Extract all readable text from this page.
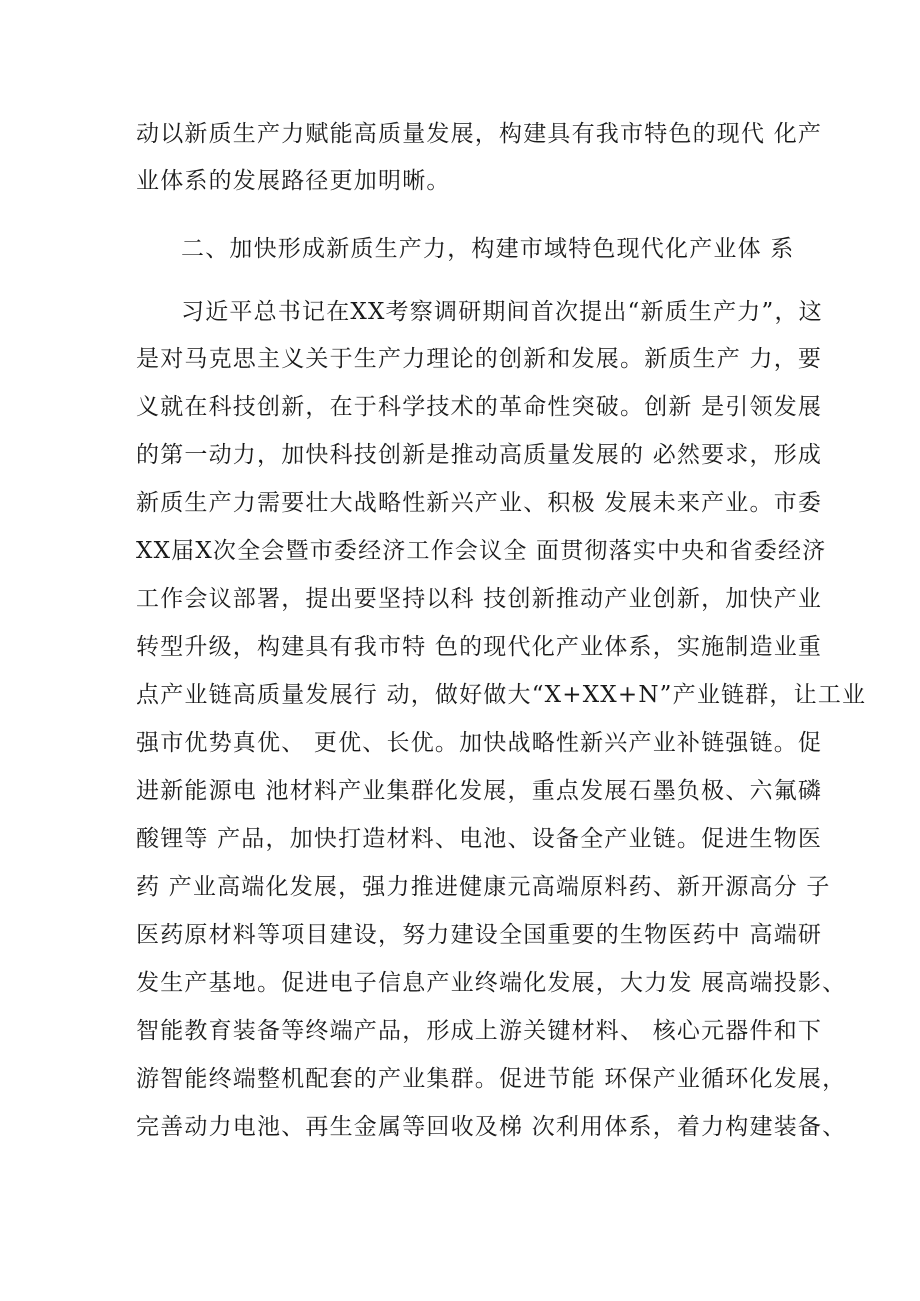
动以新质生产力赋能高质量发展，构建具有我市特色的现代 化产

业体系的发展路径更加明晰。

二、加快形成新质生产力，构建市域特色现代化产业体 系

习近平总书记在XX考察调研期间首次提出“新质生产力”，这

是对马克思主义关于生产力理论的创新和发展。新质生产 力，要

义就在科技创新，在于科学技术的革命性突破。创新 是引领发展

的第一动力，加快科技创新是推动高质量发展的 必然要求，形成

新质生产力需要壮大战略性新兴产业、积极 发展未来产业。市委

XX届X次全会暨市委经济工作会议全 面贯彻落实中央和省委经济

工作会议部署，提出要坚持以科 技创新推动产业创新，加快产业

转型升级，构建具有我市特 色的现代化产业体系，实施制造业重

点产业链高质量发展行 动，做好做大“X+XX+N”产业链群，让工业

强市优势真优、 更优、长优。加快战略性新兴产业补链强链。促

进新能源电 池材料产业集群化发展，重点发展石墨负极、六氟磷

酸锂等 产品，加快打造材料、电池、设备全产业链。促进生物医

药 产业高端化发展，强力推进健康元高端原料药、新开源高分 子

医药原材料等项目建设，努力建设全国重要的生物医药中 高端研

发生产基地。促进电子信息产业终端化发展，大力发 展高端投影、

智能教育装备等终端产品，形成上游关键材料、 核心元器件和下

游智能终端整机配套的产业集群。促进节能 环保产业循环化发展，

完善动力电池、再生金属等回收及梯 次利用体系，着力构建装备、
